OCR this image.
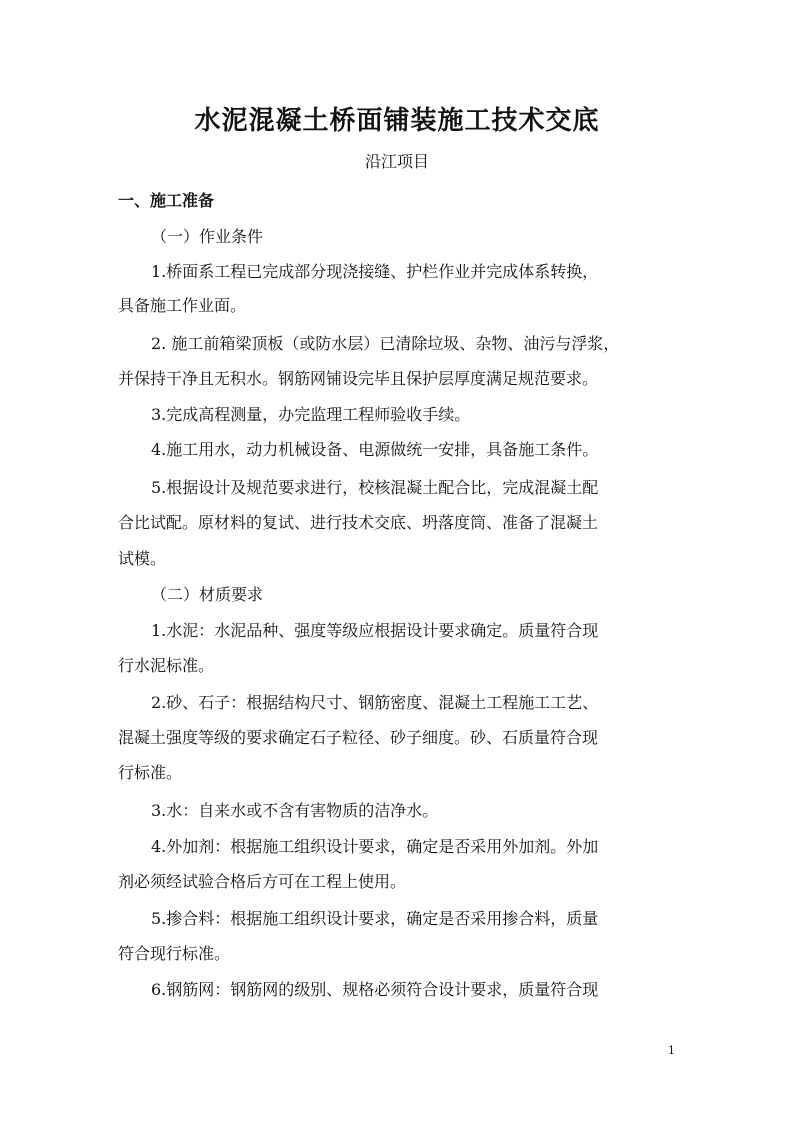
水泥混凝土桥面铺装施工技术交底
沿江项目
一、施工准备
（一）作业条件
1.桥面系工程已完成部分现浇接缝、护栏作业并完成体系转换，
具备施工作业面。
2. 施工前箱梁顶板（或防水层）已清除垃圾、杂物、油污与浮浆，
并保持干净且无积水。钢筋网铺设完毕且保护层厚度满足规范要求。
3.完成高程测量，办完监理工程师验收手续。
4.施工用水，动力机械设备、电源做统一安排，具备施工条件。
5.根据设计及规范要求进行，校核混凝土配合比，完成混凝土配
合比试配。原材料的复试、进行技术交底、坍落度筒、准备了混凝土
试模。
（二）材质要求
1.水泥：水泥品种、强度等级应根据设计要求确定。质量符合现
行水泥标准。
2.砂、石子：根据结构尺寸、钢筋密度、混凝土工程施工工艺、
混凝土强度等级的要求确定石子粒径、砂子细度。砂、石质量符合现
行标准。
3.水：自来水或不含有害物质的洁净水。
4.外加剂：根据施工组织设计要求，确定是否采用外加剂。外加
剂必须经试验合格后方可在工程上使用。
5.掺合料：根据施工组织设计要求，确定是否采用掺合料，质量
符合现行标准。
6.钢筋网：钢筋网的级别、规格必须符合设计要求，质量符合现
1
